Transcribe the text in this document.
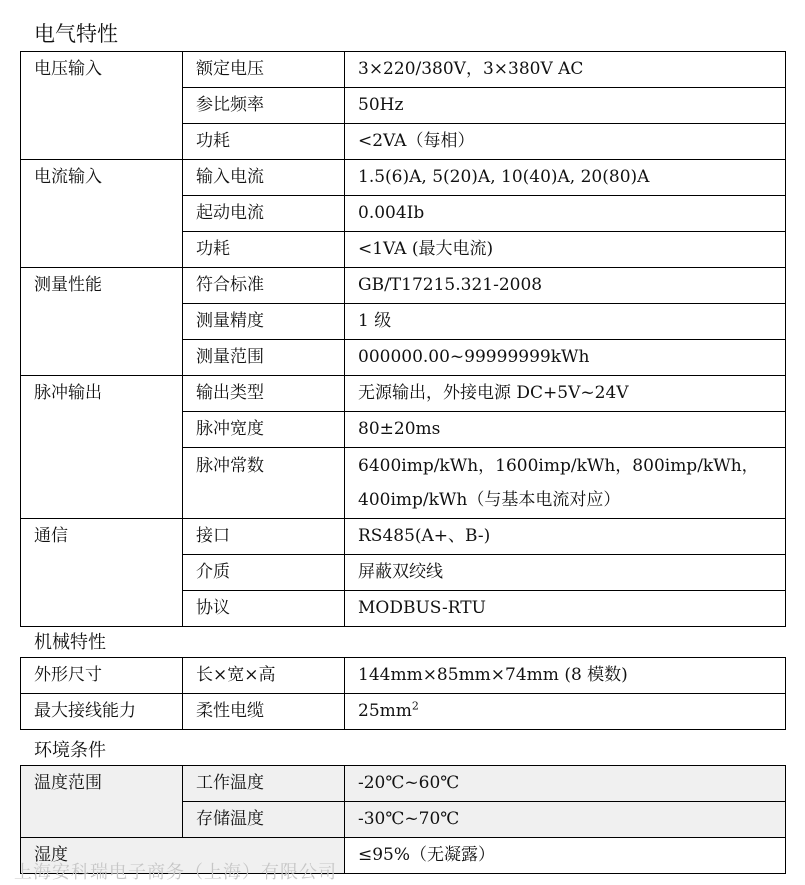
电气特性
电压输入	额定电压	3×220/380V，3×380V AC
	参比频率	50Hz
	功耗	<2VA（每相）
电流输入	输入电流	1.5(6)A, 5(20)A, 10(40)A, 20(80)A
	起动电流	0.004Ib
	功耗	<1VA (最大电流)
测量性能	符合标准	GB/T17215.321-2008
	测量精度	1 级
	测量范围	000000.00~99999999kWh
脉冲输出	输出类型	无源输出，外接电源 DC+5V~24V
	脉冲宽度	80±20ms
	脉冲常数	6400imp/kWh，1600imp/kWh，800imp/kWh，
400imp/kWh（与基本电流对应）

通信	接口	RS485(A+、B-)
	介质	屏蔽双绞线
	协议	MODBUS-RTU
机械特性
外形尺寸	长×宽×高	144mm×85mm×74mm (8 模数)
最大接线能力	柔性电缆	$25mm^2$
环境条件
温度范围	工作温度	-20℃~60℃
	存储温度	-30℃~70℃
湿度		≤95%（无凝露）
上海安科瑞电子商务（上海）有限公司
